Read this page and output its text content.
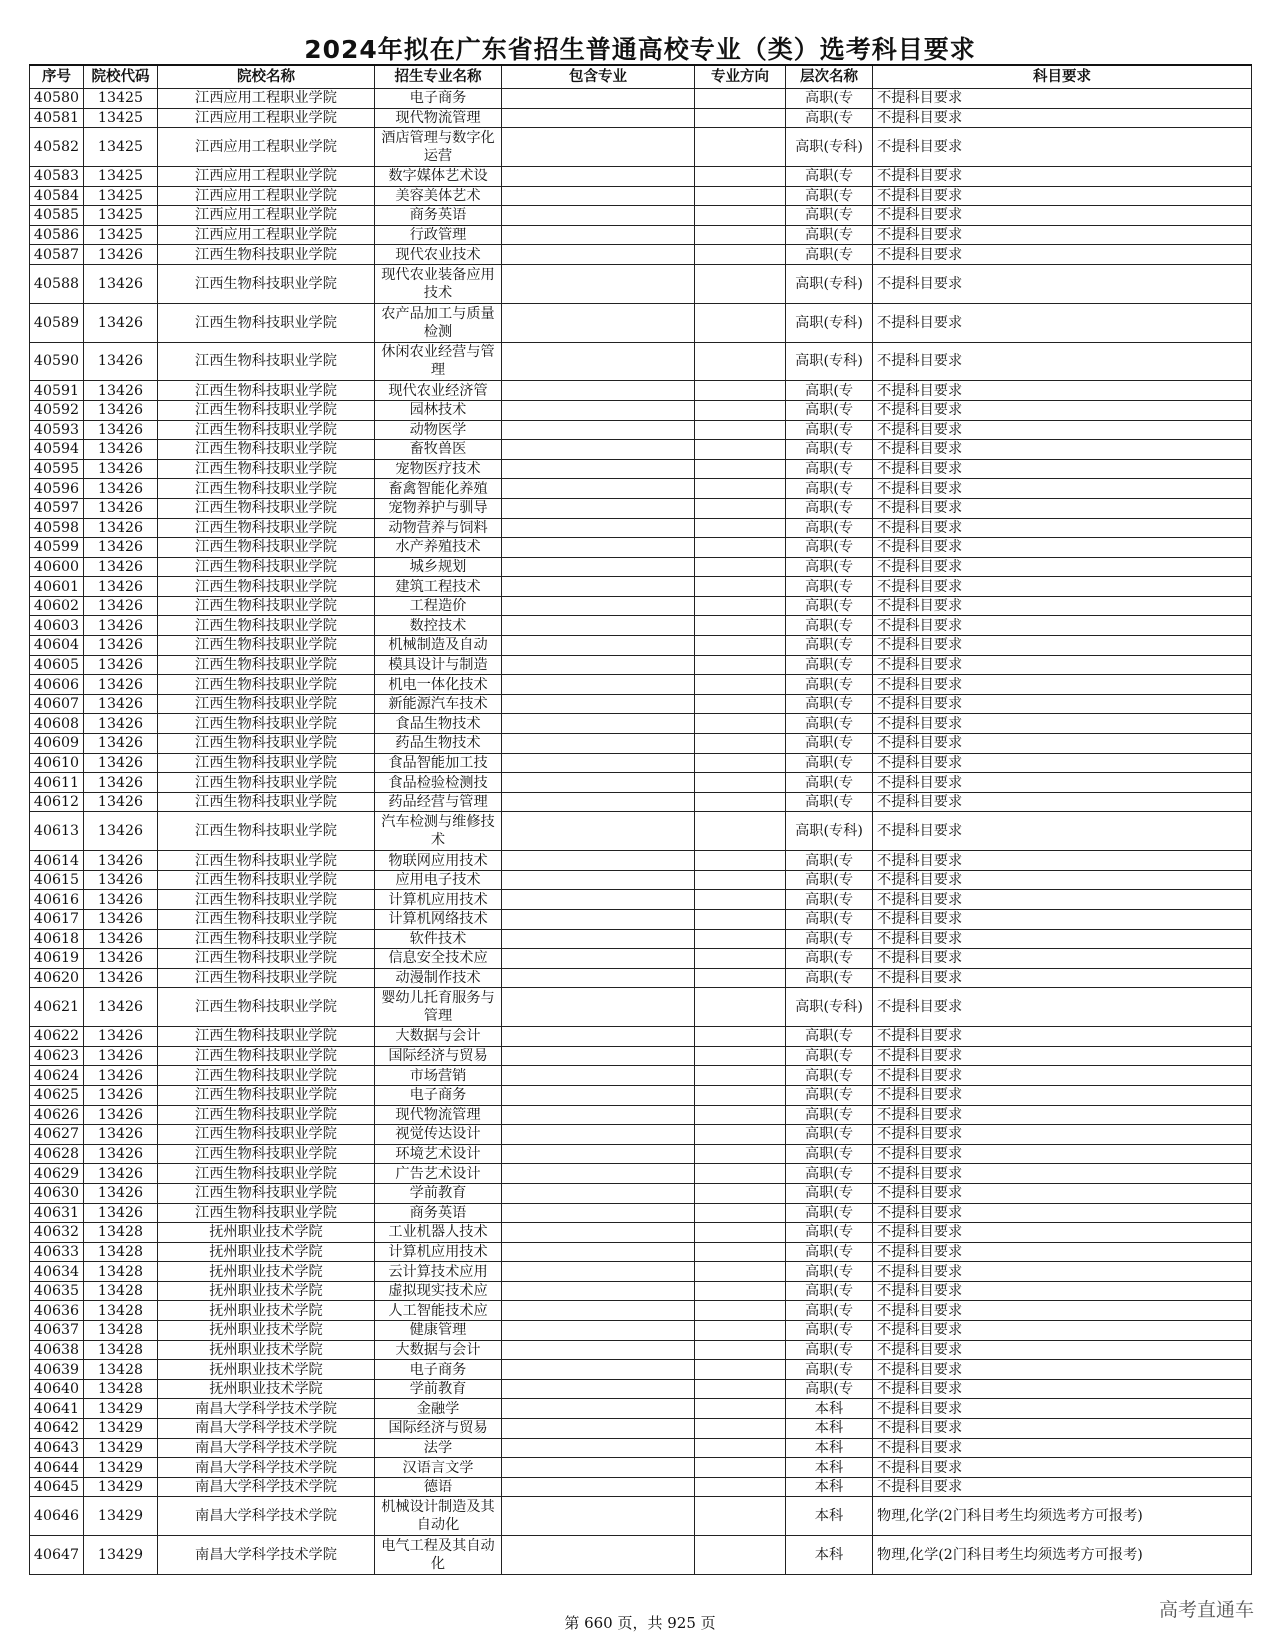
2024年拟在广东省招生普通高校专业（类）选考科目要求
序号	院校代码	院校名称	招生专业名称	包含专业	专业方向	层次名称	科目要求
40580	13425	江西应用工程职业学院	电子商务			高职(专	不提科目要求
40581	13425	江西应用工程职业学院	现代物流管理			高职(专	不提科目要求
40582	13425	江西应用工程职业学院	酒店管理与数字化运营			高职(专科)	不提科目要求
40583	13425	江西应用工程职业学院	数字媒体艺术设			高职(专	不提科目要求
40584	13425	江西应用工程职业学院	美容美体艺术			高职(专	不提科目要求
40585	13425	江西应用工程职业学院	商务英语			高职(专	不提科目要求
40586	13425	江西应用工程职业学院	行政管理			高职(专	不提科目要求
40587	13426	江西生物科技职业学院	现代农业技术			高职(专	不提科目要求
40588	13426	江西生物科技职业学院	现代农业装备应用技术			高职(专科)	不提科目要求
40589	13426	江西生物科技职业学院	农产品加工与质量检测			高职(专科)	不提科目要求
40590	13426	江西生物科技职业学院	休闲农业经营与管理			高职(专科)	不提科目要求
40591	13426	江西生物科技职业学院	现代农业经济管			高职(专	不提科目要求
40592	13426	江西生物科技职业学院	园林技术			高职(专	不提科目要求
40593	13426	江西生物科技职业学院	动物医学			高职(专	不提科目要求
40594	13426	江西生物科技职业学院	畜牧兽医			高职(专	不提科目要求
40595	13426	江西生物科技职业学院	宠物医疗技术			高职(专	不提科目要求
40596	13426	江西生物科技职业学院	畜禽智能化养殖			高职(专	不提科目要求
40597	13426	江西生物科技职业学院	宠物养护与驯导			高职(专	不提科目要求
40598	13426	江西生物科技职业学院	动物营养与饲料			高职(专	不提科目要求
40599	13426	江西生物科技职业学院	水产养殖技术			高职(专	不提科目要求
40600	13426	江西生物科技职业学院	城乡规划			高职(专	不提科目要求
40601	13426	江西生物科技职业学院	建筑工程技术			高职(专	不提科目要求
40602	13426	江西生物科技职业学院	工程造价			高职(专	不提科目要求
40603	13426	江西生物科技职业学院	数控技术			高职(专	不提科目要求
40604	13426	江西生物科技职业学院	机械制造及自动			高职(专	不提科目要求
40605	13426	江西生物科技职业学院	模具设计与制造			高职(专	不提科目要求
40606	13426	江西生物科技职业学院	机电一体化技术			高职(专	不提科目要求
40607	13426	江西生物科技职业学院	新能源汽车技术			高职(专	不提科目要求
40608	13426	江西生物科技职业学院	食品生物技术			高职(专	不提科目要求
40609	13426	江西生物科技职业学院	药品生物技术			高职(专	不提科目要求
40610	13426	江西生物科技职业学院	食品智能加工技			高职(专	不提科目要求
40611	13426	江西生物科技职业学院	食品检验检测技			高职(专	不提科目要求
40612	13426	江西生物科技职业学院	药品经营与管理			高职(专	不提科目要求
40613	13426	江西生物科技职业学院	汽车检测与维修技术			高职(专科)	不提科目要求
40614	13426	江西生物科技职业学院	物联网应用技术			高职(专	不提科目要求
40615	13426	江西生物科技职业学院	应用电子技术			高职(专	不提科目要求
40616	13426	江西生物科技职业学院	计算机应用技术			高职(专	不提科目要求
40617	13426	江西生物科技职业学院	计算机网络技术			高职(专	不提科目要求
40618	13426	江西生物科技职业学院	软件技术			高职(专	不提科目要求
40619	13426	江西生物科技职业学院	信息安全技术应			高职(专	不提科目要求
40620	13426	江西生物科技职业学院	动漫制作技术			高职(专	不提科目要求
40621	13426	江西生物科技职业学院	婴幼儿托育服务与管理			高职(专科)	不提科目要求
40622	13426	江西生物科技职业学院	大数据与会计			高职(专	不提科目要求
40623	13426	江西生物科技职业学院	国际经济与贸易			高职(专	不提科目要求
40624	13426	江西生物科技职业学院	市场营销			高职(专	不提科目要求
40625	13426	江西生物科技职业学院	电子商务			高职(专	不提科目要求
40626	13426	江西生物科技职业学院	现代物流管理			高职(专	不提科目要求
40627	13426	江西生物科技职业学院	视觉传达设计			高职(专	不提科目要求
40628	13426	江西生物科技职业学院	环境艺术设计			高职(专	不提科目要求
40629	13426	江西生物科技职业学院	广告艺术设计			高职(专	不提科目要求
40630	13426	江西生物科技职业学院	学前教育			高职(专	不提科目要求
40631	13426	江西生物科技职业学院	商务英语			高职(专	不提科目要求
40632	13428	抚州职业技术学院	工业机器人技术			高职(专	不提科目要求
40633	13428	抚州职业技术学院	计算机应用技术			高职(专	不提科目要求
40634	13428	抚州职业技术学院	云计算技术应用			高职(专	不提科目要求
40635	13428	抚州职业技术学院	虚拟现实技术应			高职(专	不提科目要求
40636	13428	抚州职业技术学院	人工智能技术应			高职(专	不提科目要求
40637	13428	抚州职业技术学院	健康管理			高职(专	不提科目要求
40638	13428	抚州职业技术学院	大数据与会计			高职(专	不提科目要求
40639	13428	抚州职业技术学院	电子商务			高职(专	不提科目要求
40640	13428	抚州职业技术学院	学前教育			高职(专	不提科目要求
40641	13429	南昌大学科学技术学院	金融学			本科	不提科目要求
40642	13429	南昌大学科学技术学院	国际经济与贸易			本科	不提科目要求
40643	13429	南昌大学科学技术学院	法学			本科	不提科目要求
40644	13429	南昌大学科学技术学院	汉语言文学			本科	不提科目要求
40645	13429	南昌大学科学技术学院	德语			本科	不提科目要求
40646	13429	南昌大学科学技术学院	机械设计制造及其自动化			本科	物理,化学(2门科目考生均须选考方可报考)
40647	13429	南昌大学科学技术学院	电气工程及其自动化			本科	物理,化学(2门科目考生均须选考方可报考)
第 660 页，共 925 页
高考直通车
